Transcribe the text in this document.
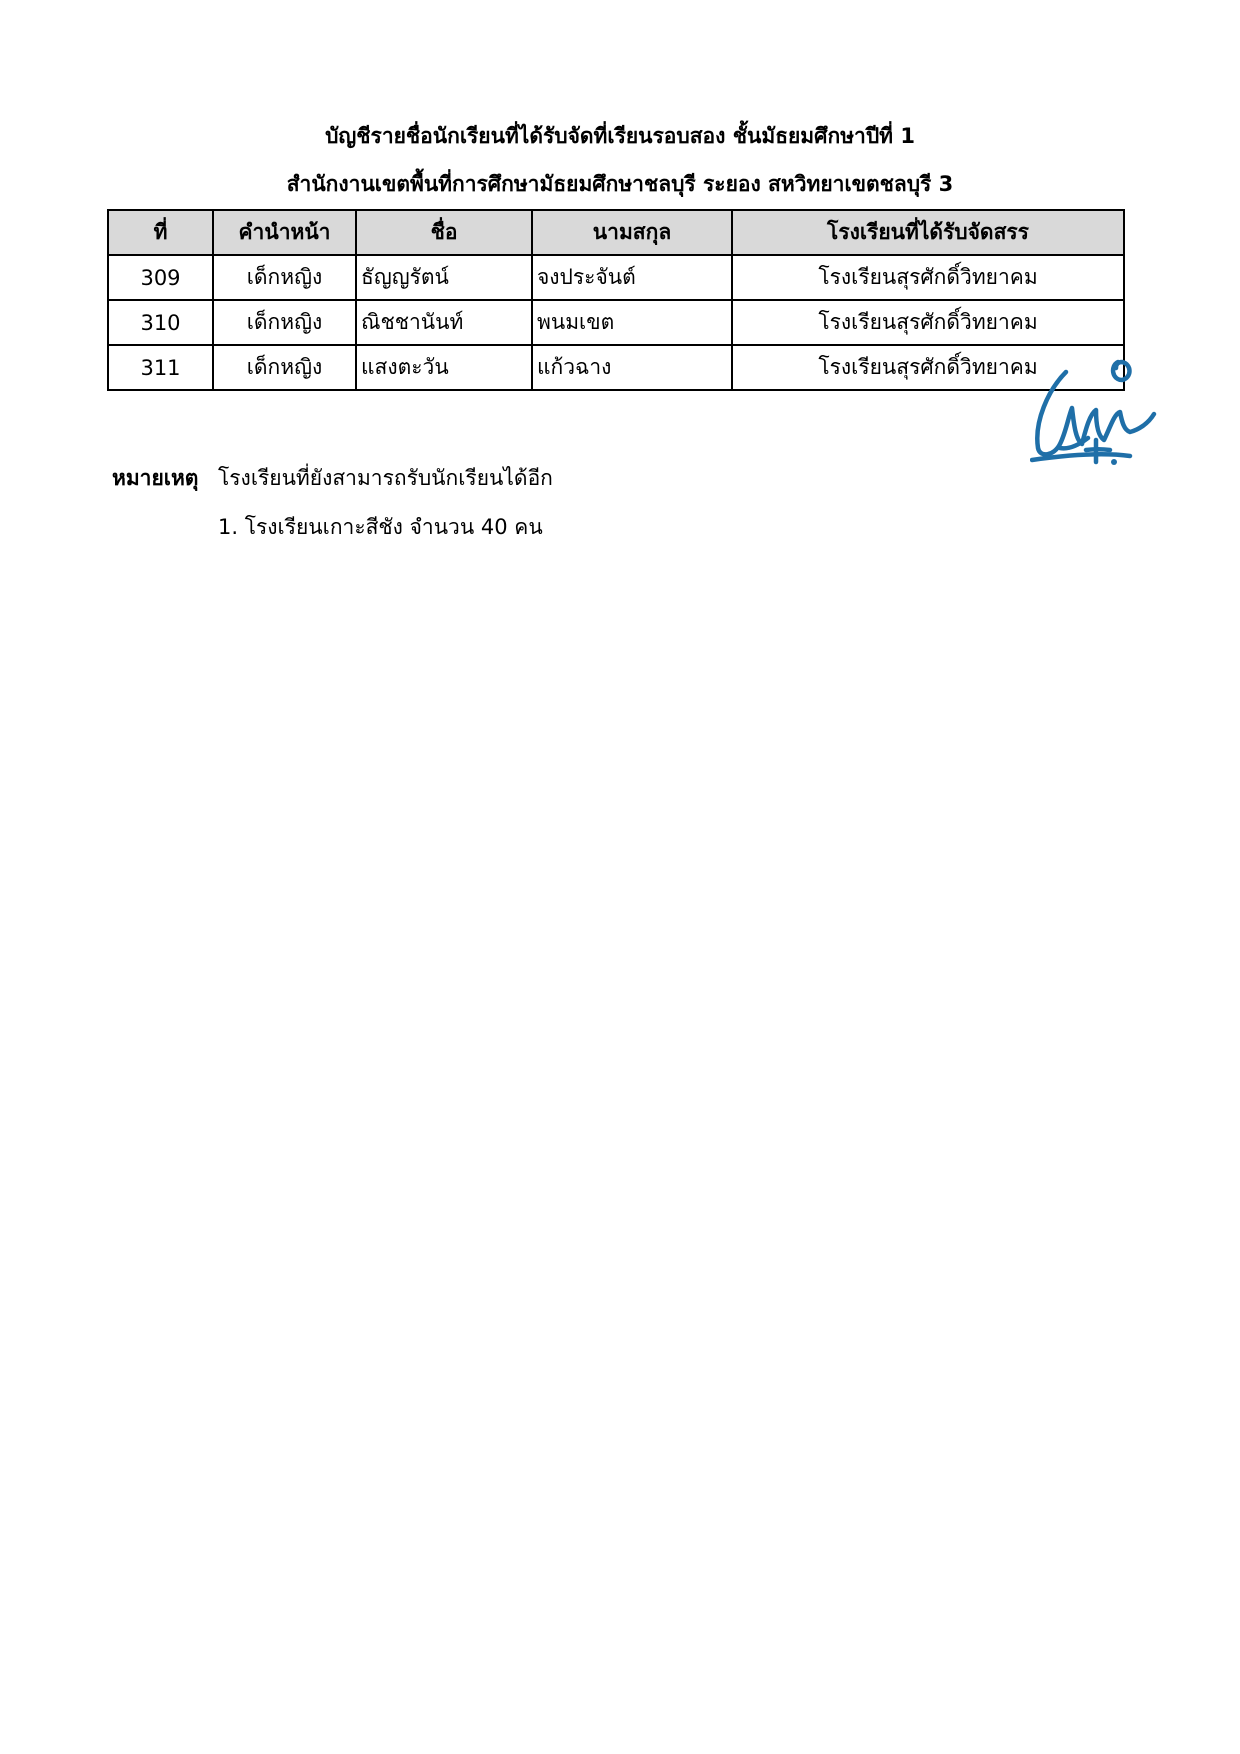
บัญชีรายชื่อนักเรียนที่ได้รับจัดที่เรียนรอบสอง ชั้นมัธยมศึกษาปีที่ 1
สำนักงานเขตพื้นที่การศึกษามัธยมศึกษาชลบุรี ระยอง สหวิทยาเขตชลบุรี 3
ที่	คำนำหน้า	ชื่อ	นามสกุล	โรงเรียนที่ได้รับจัดสรร
309	เด็กหญิง	ธัญญรัตน์	จงประจันต์	โรงเรียนสุรศักดิ์วิทยาคม
310	เด็กหญิง	ณิชชานันท์	พนมเขต	โรงเรียนสุรศักดิ์วิทยาคม
311	เด็กหญิง	แสงตะวัน	แก้วฉาง	โรงเรียนสุรศักดิ์วิทยาคม
หมายเหตุ โรงเรียนที่ยังสามารถรับนักเรียนได้อีก
1. โรงเรียนเกาะสีชัง จำนวน 40 คน
